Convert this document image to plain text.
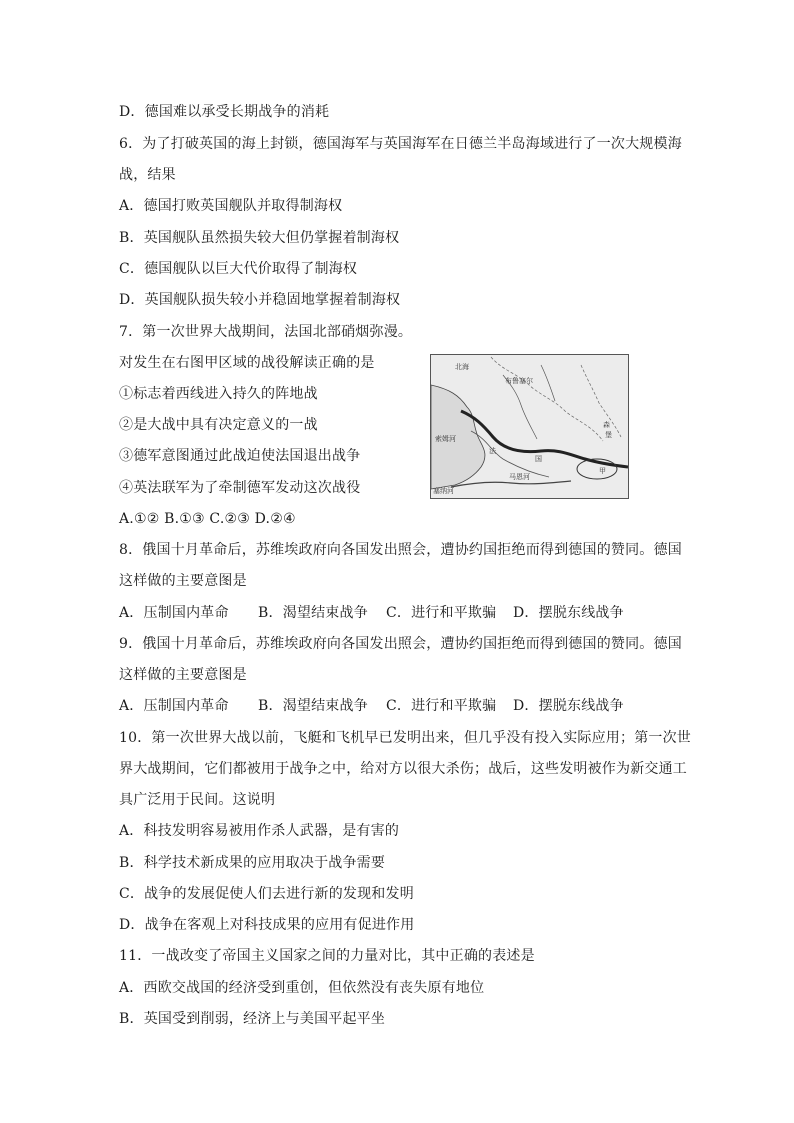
D．德国难以承受长期战争的消耗
6．为了打破英国的海上封锁，德国海军与英国海军在日德兰半岛海域进行了一次大规模海
战，结果
A．德国打败英国舰队并取得制海权
B．英国舰队虽然损失较大但仍掌握着制海权
C．德国舰队以巨大代价取得了制海权
D．英国舰队损失较小并稳固地掌握着制海权
7．第一次世界大战期间，法国北部硝烟弥漫。
对发生在右图甲区域的战役解读正确的是
①标志着西线进入持久的阵地战
②是大战中具有决定意义的一战
③德军意图通过此战迫使法国退出战争
④英法联军为了牵制德军发动这次战役
A.①② B.①③ C.②③ D.②④
北海
布鲁塞尔
索姆河
法
国
甲
马恩河
塞纳河
森
堡
8．俄国十月革命后，苏维埃政府向各国发出照会，遭协约国拒绝而得到德国的赞同。德国
这样做的主要意图是
A．压制国内革命 B．渴望结束战争 C．进行和平欺骗 D．摆脱东线战争
9．俄国十月革命后，苏维埃政府向各国发出照会，遭协约国拒绝而得到德国的赞同。德国
这样做的主要意图是
A．压制国内革命 B．渴望结束战争 C．进行和平欺骗 D．摆脱东线战争
10．第一次世界大战以前，飞艇和飞机早已发明出来，但几乎没有投入实际应用；第一次世
界大战期间，它们都被用于战争之中，给对方以很大杀伤；战后，这些发明被作为新交通工
具广泛用于民间。这说明
A．科技发明容易被用作杀人武器，是有害的
B．科学技术新成果的应用取决于战争需要
C．战争的发展促使人们去进行新的发现和发明
D．战争在客观上对科技成果的应用有促进作用
11．一战改变了帝国主义国家之间的力量对比，其中正确的表述是
A．西欧交战国的经济受到重创，但依然没有丧失原有地位
B．英国受到削弱，经济上与美国平起平坐
